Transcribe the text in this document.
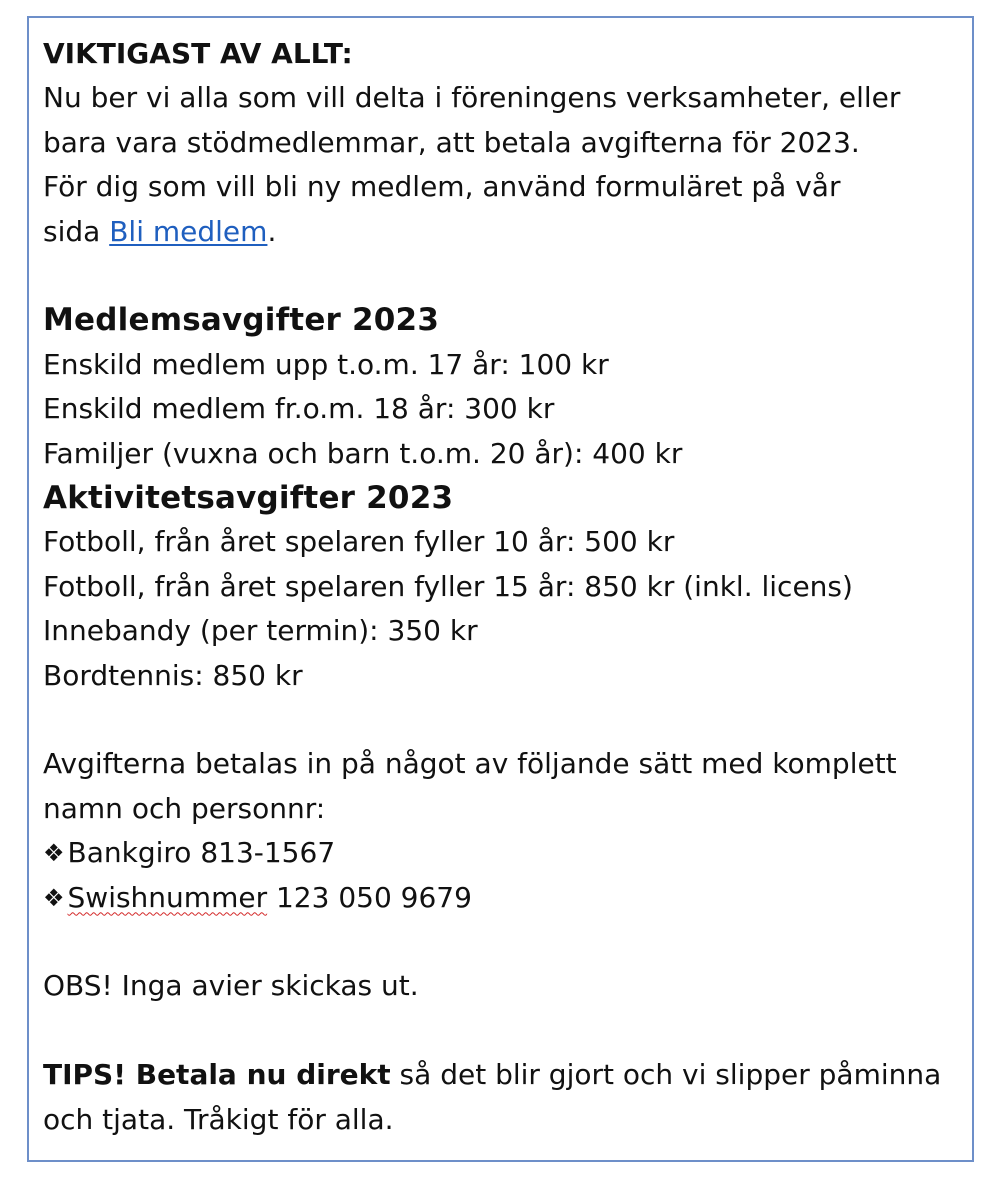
VIKTIGAST AV ALLT:
Nu ber vi alla som vill delta i föreningens verksamheter, eller
bara vara stödmedlemmar, att betala avgifterna för 2023.
För dig som vill bli ny medlem, använd formuläret på vår
sida Bli medlem.
Medlemsavgifter 2023
Enskild medlem upp t.o.m. 17 år: 100 kr
Enskild medlem fr.o.m. 18 år: 300 kr
Familjer (vuxna och barn t.o.m. 20 år): 400 kr
Aktivitetsavgifter 2023
Fotboll, från året spelaren fyller 10 år: 500 kr
Fotboll, från året spelaren fyller 15 år: 850 kr (inkl. licens)
Innebandy (per termin): 350 kr
Bordtennis: 850 kr
Avgifterna betalas in på något av följande sätt med komplett
namn och personnr:
❖ Bankgiro 813-1567
❖ Swishnummer 123 050 9679
OBS! Inga avier skickas ut.
TIPS! Betala nu direkt så det blir gjort och vi slipper påminna
och tjata. Tråkigt för alla.
